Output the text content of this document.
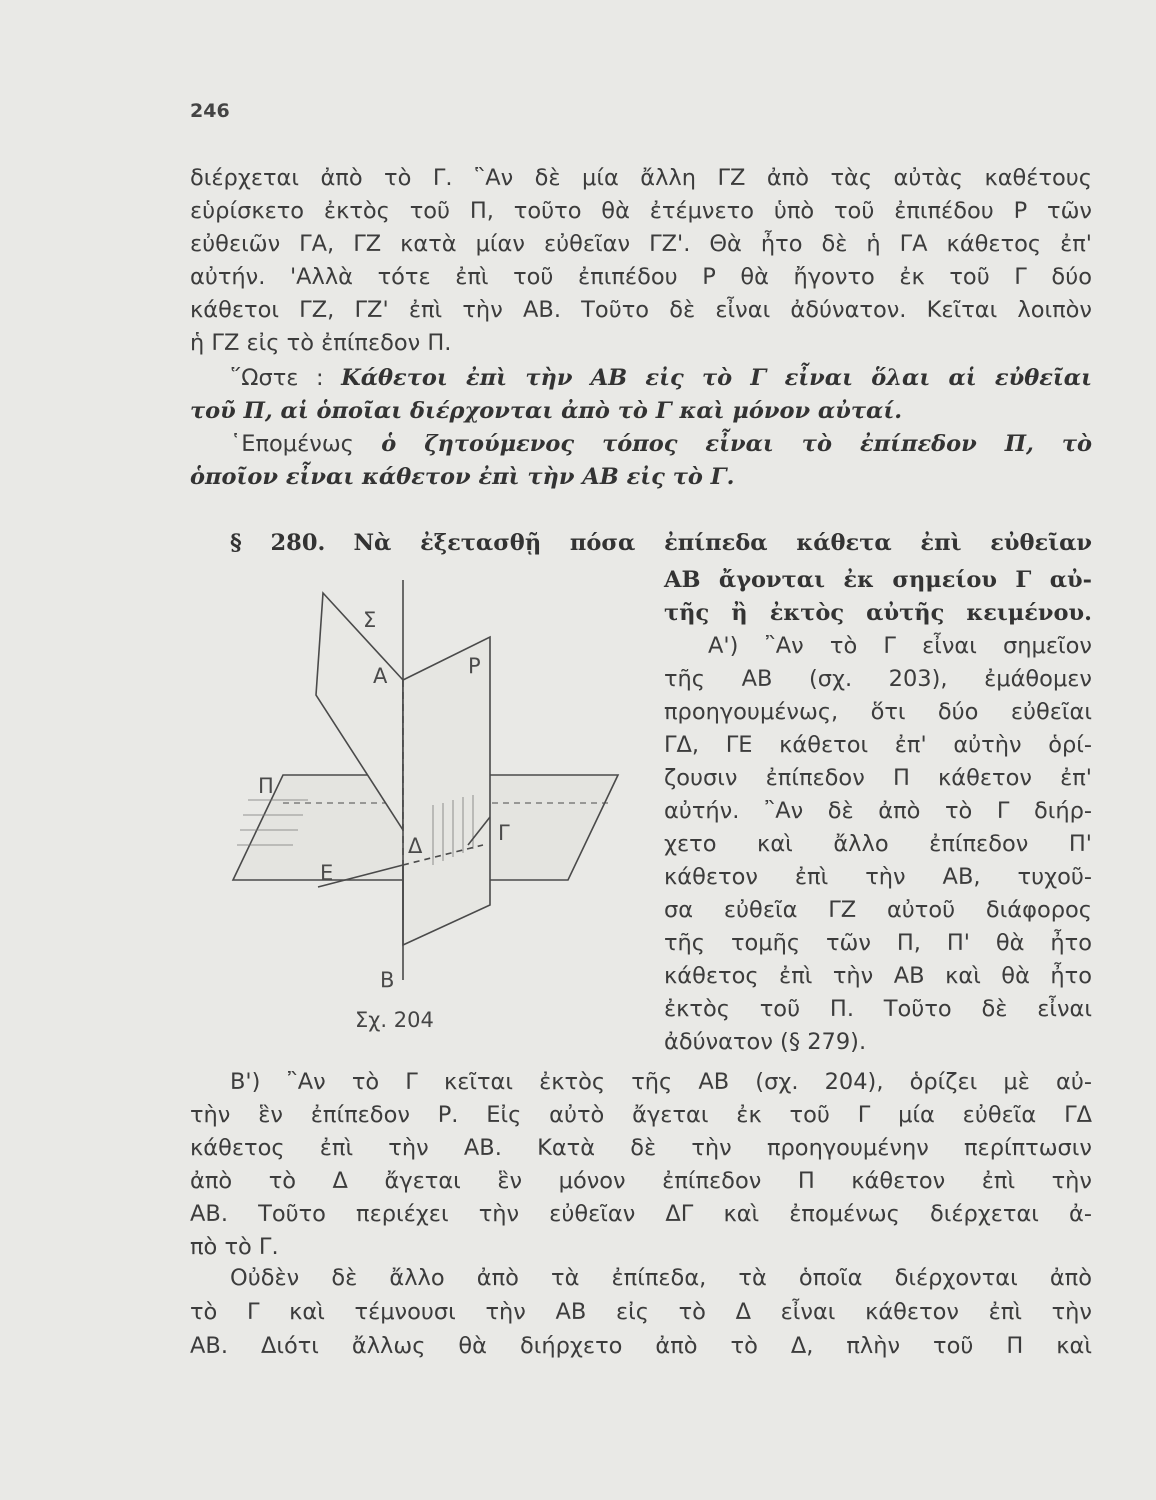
246
διέρχεται ἀπὸ τὸ Γ. ῝Αν δὲ μία ἄλλη ΓΖ ἀπὸ τὰς αὐτὰς καθέτους
εὑρίσκετο ἐκτὸς τοῦ Π, τοῦτο θὰ ἐτέμνετο ὑπὸ τοῦ ἐπιπέδου Ρ τῶν
εὐθειῶν ΓΑ, ΓΖ κατὰ μίαν εὐθεῖαν ΓΖ'. Θὰ ἦτο δὲ ἡ ΓΑ κάθετος ἐπ'
αὐτήν. 'Αλλὰ τότε ἐπὶ τοῦ ἐπιπέδου Ρ θὰ ἤγοντο ἐκ τοῦ Γ δύο
κάθετοι ΓΖ, ΓΖ' ἐπὶ τὴν ΑΒ. Τοῦτο δὲ εἶναι ἀδύνατον. Κεῖται λοιπὸν
ἡ ΓΖ εἰς τὸ ἐπίπεδον Π.
῞Ωστε : Κάθετοι ἐπὶ τὴν ΑΒ εἰς τὸ Γ εἶναι ὅλαι αἱ εὐθεῖαι
τοῦ Π, αἱ ὁποῖαι διέρχονται ἀπὸ τὸ Γ καὶ μόνον αὐταί.
῾Επομένως ὁ ζητούμενος τόπος εἶναι τὸ ἐπίπεδον Π, τὸ
ὁποῖον εἶναι κάθετον ἐπὶ τὴν ΑΒ εἰς τὸ Γ.
§ 280. Νὰ ἐξετασθῇ πόσα ἐπίπεδα κάθετα ἐπὶ εὐθεῖαν
ΑΒ ἄγονται ἐκ σημείου Γ αὐ-
τῆς ἢ ἐκτὸς αὐτῆς κειμένου.
Α') ῍Αν τὸ Γ εἶναι σημεῖον
τῆς ΑΒ (σχ. 203), ἐμάθομεν
προηγουμένως, ὅτι δύο εὐθεῖαι
ΓΔ, ΓΕ κάθετοι ἐπ' αὐτὴν ὁρί-
ζουσιν ἐπίπεδον Π κάθετον ἐπ'
αὐτήν. ῍Αν δὲ ἀπὸ τὸ Γ διήρ-
χετο καὶ ἄλλο ἐπίπεδον Π'
κάθετον ἐπὶ τὴν ΑΒ, τυχοῦ-
σα εὐθεῖα ΓΖ αὐτοῦ διάφορος
τῆς τομῆς τῶν Π, Π' θὰ ἦτο
κάθετος ἐπὶ τὴν ΑΒ καὶ θὰ ἦτο
ἐκτὸς τοῦ Π. Τοῦτο δὲ εἶναι
ἀδύνατον (§ 279).
Σ
Ρ
Α
Π
Γ
Δ
Ε
Β
Σχ. 204
Β') ῍Αν τὸ Γ κεῖται ἐκτὸς τῆς ΑΒ (σχ. 204), ὁρίζει μὲ αὐ-
τὴν ἓν ἐπίπεδον Ρ. Εἰς αὐτὸ ἄγεται ἐκ τοῦ Γ μία εὐθεῖα ΓΔ
κάθετος ἐπὶ τὴν ΑΒ. Κατὰ δὲ τὴν προηγουμένην περίπτωσιν
ἀπὸ τὸ Δ ἄγεται ἓν μόνον ἐπίπεδον Π κάθετον ἐπὶ τὴν
ΑΒ. Τοῦτο περιέχει τὴν εὐθεῖαν ΔΓ καὶ ἐπομένως διέρχεται ἀ-
πὸ τὸ Γ.
Οὐδὲν δὲ ἄλλο ἀπὸ τὰ ἐπίπεδα, τὰ ὁποῖα διέρχονται ἀπὸ
τὸ Γ καὶ τέμνουσι τὴν ΑΒ εἰς τὸ Δ εἶναι κάθετον ἐπὶ τὴν
ΑΒ. Διότι ἄλλως θὰ διήρχετο ἀπὸ τὸ Δ, πλὴν τοῦ Π καὶ
